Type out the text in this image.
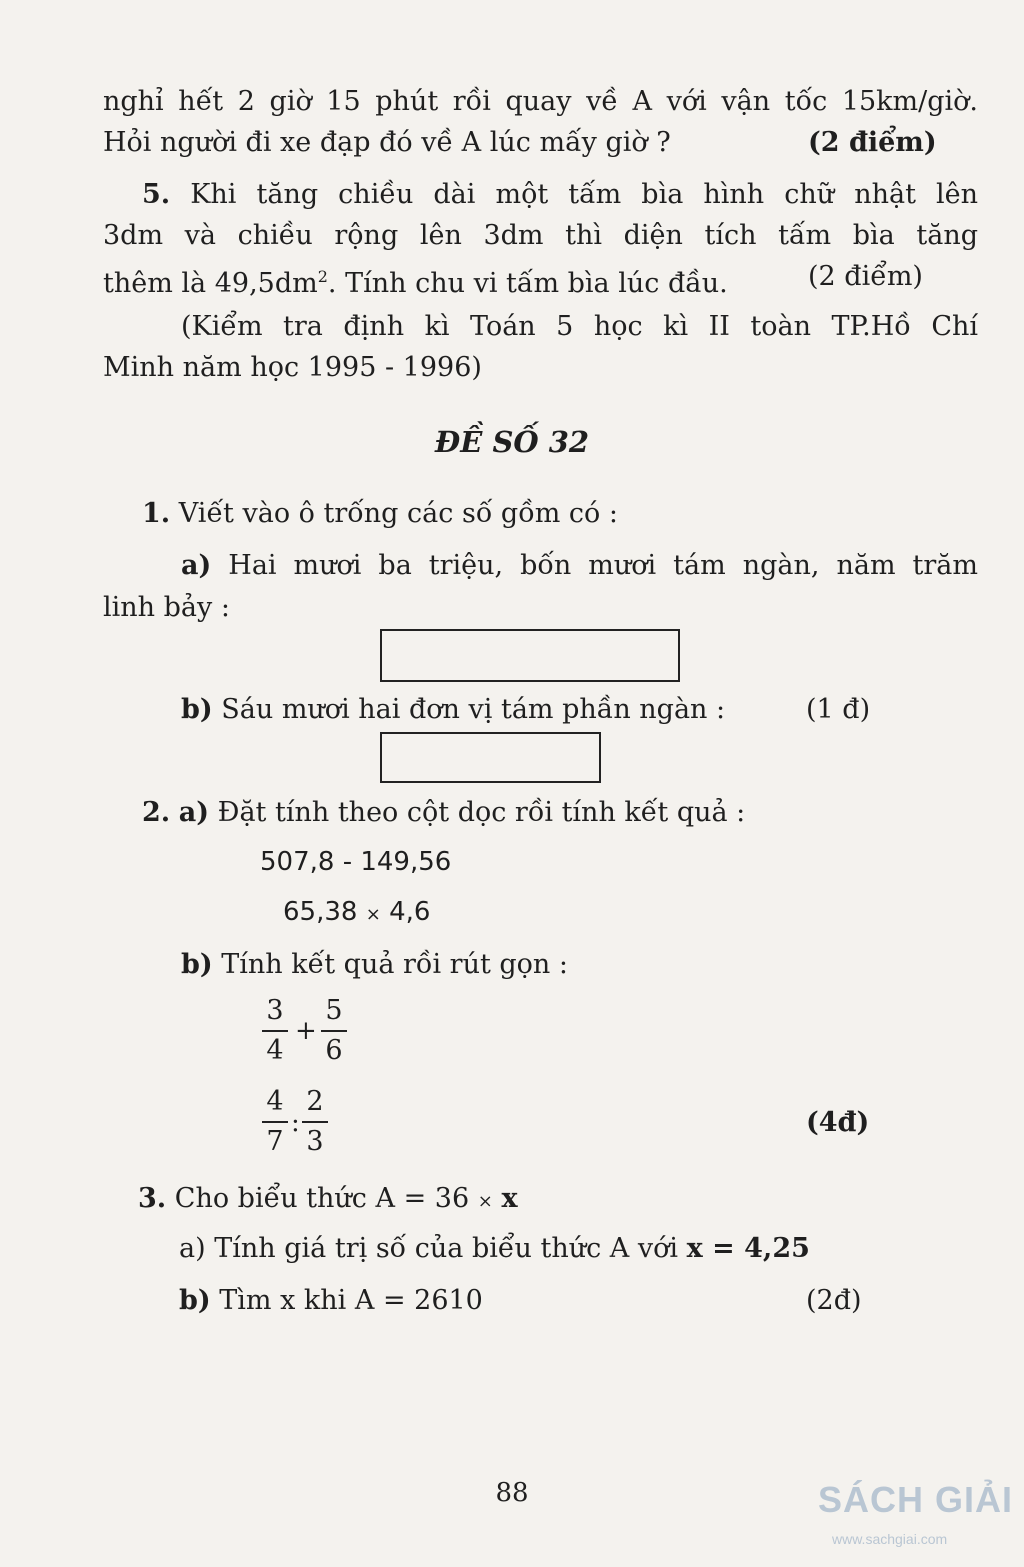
nghỉ hết 2 giờ 15 phút rồi quay về A với vận tốc 15km/giờ.
Hỏi người đi xe đạp đó về A lúc mấy giờ ?	(2 điểm)
5. Khi tăng chiều dài một tấm bìa hình chữ nhật lên
3dm và chiều rộng lên 3dm thì diện tích tấm bìa tăng
thêm là $49,5dm^2$. Tính chu vi tấm bìa lúc đầu.	(2 điểm)
(Kiểm tra định kì Toán 5 học kì II toàn TP.Hồ Chí
Minh năm học 1995 - 1996)
ĐỀ SỐ 32
1. Viết vào ô trống các số gồm có :
a) Hai mươi ba triệu, bốn mươi tám ngàn, năm trăm
linh bảy :
b) Sáu mươi hai đơn vị tám phần ngàn :	(1 đ)
2. a) Đặt tính theo cột dọc rồi tính kết quả :
507,8 - 149,56
65,38 × 4,6
b) Tính kết quả rồi rút gọn :
3
4
+
5
6
4
7
:
2
3
(4đ)
3. Cho biểu thức A = 36 × x
a) Tính giá trị số của biểu thức A với x = 4,25
b) Tìm x khi A = 2610	(2đ)
88	SÁCH GIẢI
www.sachgiai.com
